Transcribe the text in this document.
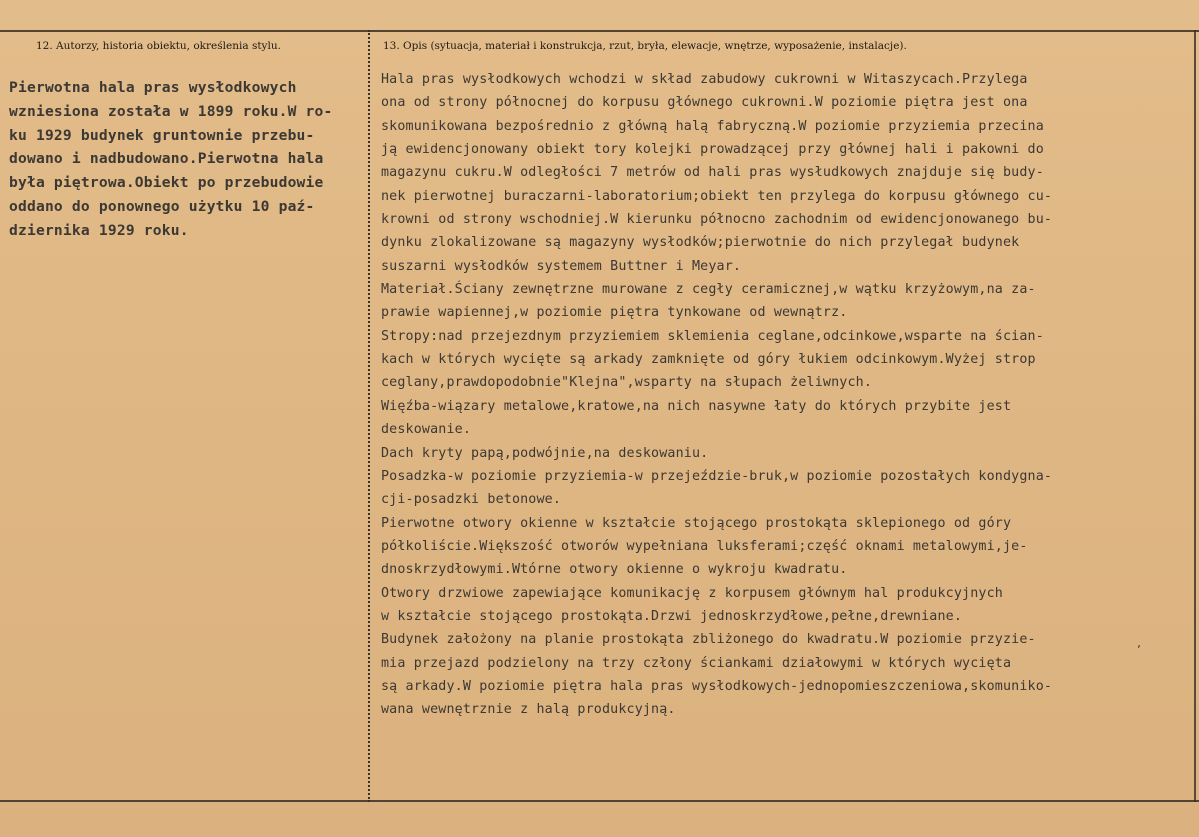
12. Autorzy, historia obiektu, określenia stylu.	13. Opis (sytuacja, materiał i konstrukcja, rzut, bryła, elewacje, wnętrze, wyposażenie, instalacje).
Pierwotna hala pras wysłodkowych
wzniesiona została w 1899 roku.W ro-
ku 1929 budynek gruntownie przebu-
dowano i nadbudowano.Pierwotna hala
była piętrowa.Obiekt po przebudowie
oddano do ponownego użytku 10 paź-
dziernika 1929 roku.
Hala pras wysłodkowych wchodzi w skład zabudowy cukrowni w Witaszycach.Przylega
ona od strony północnej do korpusu głównego cukrowni.W poziomie piętra jest ona
skomunikowana bezpośrednio z główną halą fabryczną.W poziomie przyziemia przecina
ją ewidencjonowany obiekt tory kolejki prowadzącej przy głównej hali i pakowni do
magazynu cukru.W odległości 7 metrów od hali pras wysłudkowych znajduje się budy-
nek pierwotnej buraczarni-laboratorium;obiekt ten przylega do korpusu głównego cu-
krowni od strony wschodniej.W kierunku północno zachodnim od ewidencjonowanego bu-
dynku zlokalizowane są magazyny wysłodków;pierwotnie do nich przylegał budynek
suszarni wysłodków systemem Buttner i Meyar.
Materiał.Ściany zewnętrzne murowane z cegły ceramicznej,w wątku krzyżowym,na za-
prawie wapiennej,w poziomie piętra tynkowane od wewnątrz.
Stropy:nad przejezdnym przyziemiem sklemienia ceglane,odcinkowe,wsparte na ścian-
kach w których wycięte są arkady zamknięte od góry łukiem odcinkowym.Wyżej strop
ceglany,prawdopodobnie"Klejna",wsparty na słupach żeliwnych.
Więźba-wiązary metalowe,kratowe,na nich nasywne łaty do których przybite jest
deskowanie.
Dach kryty papą,podwójnie,na deskowaniu.
Posadzka-w poziomie przyziemia-w przejeździe-bruk,w poziomie pozostałych kondygna-
cji-posadzki betonowe.
Pierwotne otwory okienne w kształcie stojącego prostokąta sklepionego od góry
półkoliście.Większość otworów wypełniana luksferami;część oknami metalowymi,je-
dnoskrzydłowymi.Wtórne otwory okienne o wykroju kwadratu.
Otwory drzwiowe zapewiające komunikację z korpusem głównym hal produkcyjnych
w kształcie stojącego prostokąta.Drzwi jednoskrzydłowe,pełne,drewniane.
Budynek założony na planie prostokąta zbliżonego do kwadratu.W poziomie przyzie-
mia przejazd podzielony na trzy człony ściankami działowymi w których wycięta
są arkady.W poziomie piętra hala pras wysłodkowych-jednopomieszczeniowa,skomuniko-
wana wewnętrznie z halą produkcyjną.
ʼ
